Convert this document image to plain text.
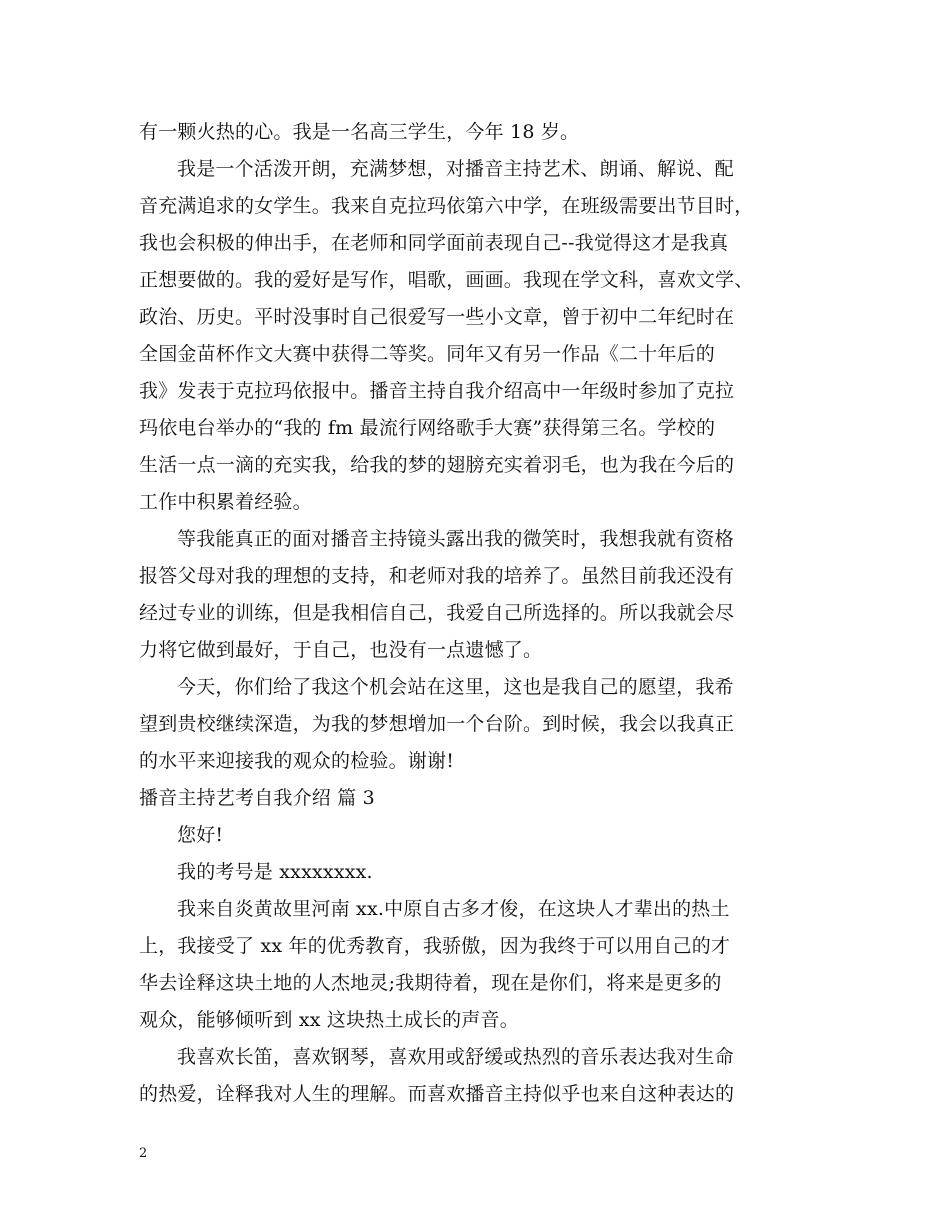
有一颗火热的心。我是一名高三学生，今年 18 岁。
我是一个活泼开朗，充满梦想，对播音主持艺术、朗诵、解说、配
音充满追求的女学生。我来自克拉玛依第六中学，在班级需要出节目时，
我也会积极的伸出手，在老师和同学面前表现自己--我觉得这才是我真
正想要做的。我的爱好是写作，唱歌，画画。我现在学文科，喜欢文学、
政治、历史。平时没事时自己很爱写一些小文章，曾于初中二年纪时在
全国金苗杯作文大赛中获得二等奖。同年又有另一作品《二十年后的
我》发表于克拉玛依报中。播音主持自我介绍高中一年级时参加了克拉
玛依电台举办的“我的 fm 最流行网络歌手大赛”获得第三名。学校的
生活一点一滴的充实我，给我的梦的翅膀充实着羽毛，也为我在今后的
工作中积累着经验。
等我能真正的面对播音主持镜头露出我的微笑时，我想我就有资格
报答父母对我的理想的支持，和老师对我的培养了。虽然目前我还没有
经过专业的训练，但是我相信自己，我爱自己所选择的。所以我就会尽
力将它做到最好，于自己，也没有一点遗憾了。
今天，你们给了我这个机会站在这里，这也是我自己的愿望，我希
望到贵校继续深造，为我的梦想增加一个台阶。到时候，我会以我真正
的水平来迎接我的观众的检验。谢谢!
播音主持艺考自我介绍 篇 3
您好!
我的考号是 xxxxxxxx.
我来自炎黄故里河南 xx.中原自古多才俊，在这块人才辈出的热土
上，我接受了 xx 年的优秀教育，我骄傲，因为我终于可以用自己的才
华去诠释这块土地的人杰地灵;我期待着，现在是你们，将来是更多的
观众，能够倾听到 xx 这块热土成长的声音。
我喜欢长笛，喜欢钢琴，喜欢用或舒缓或热烈的音乐表达我对生命
的热爱，诠释我对人生的理解。而喜欢播音主持似乎也来自这种表达的
2
